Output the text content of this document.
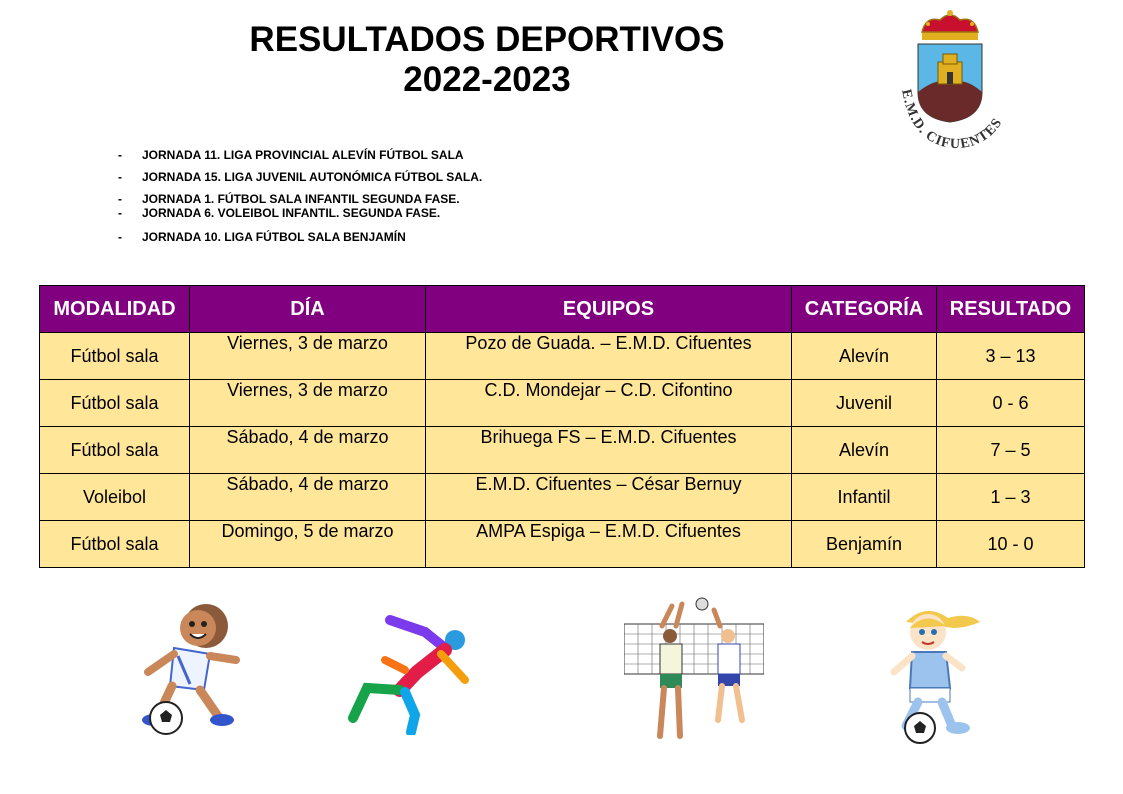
RESULTADOS DEPORTIVOS
2022-2023	E.M.D. CIFUENTES
- JORNADA 11. LIGA PROVINCIAL ALEVÍN FÚTBOL SALA
- JORNADA 15. LIGA JUVENIL AUTONÓMICA FÚTBOL SALA.
- JORNADA 1. FÚTBOL SALA INFANTIL SEGUNDA FASE.
- JORNADA 6. VOLEIBOL INFANTIL. SEGUNDA FASE.
- JORNADA 10. LIGA FÚTBOL SALA BENJAMÍN
MODALIDAD	DÍA	EQUIPOS	CATEGORÍA	RESULTADO
Fútbol sala	Viernes, 3 de marzo	Pozo de Guada. – E.M.D. Cifuentes	Alevín	3 – 13
Fútbol sala	Viernes, 3 de marzo	C.D. Mondejar – C.D. Cifontino	Juvenil	0 - 6
Fútbol sala	Sábado, 4 de marzo	Brihuega FS – E.M.D. Cifuentes	Alevín	7 – 5
Voleibol	Sábado, 4 de marzo	E.M.D. Cifuentes – César Bernuy	Infantil	1 – 3
Fútbol sala	Domingo, 5 de marzo	AMPA Espiga – E.M.D. Cifuentes	Benjamín	10 - 0
